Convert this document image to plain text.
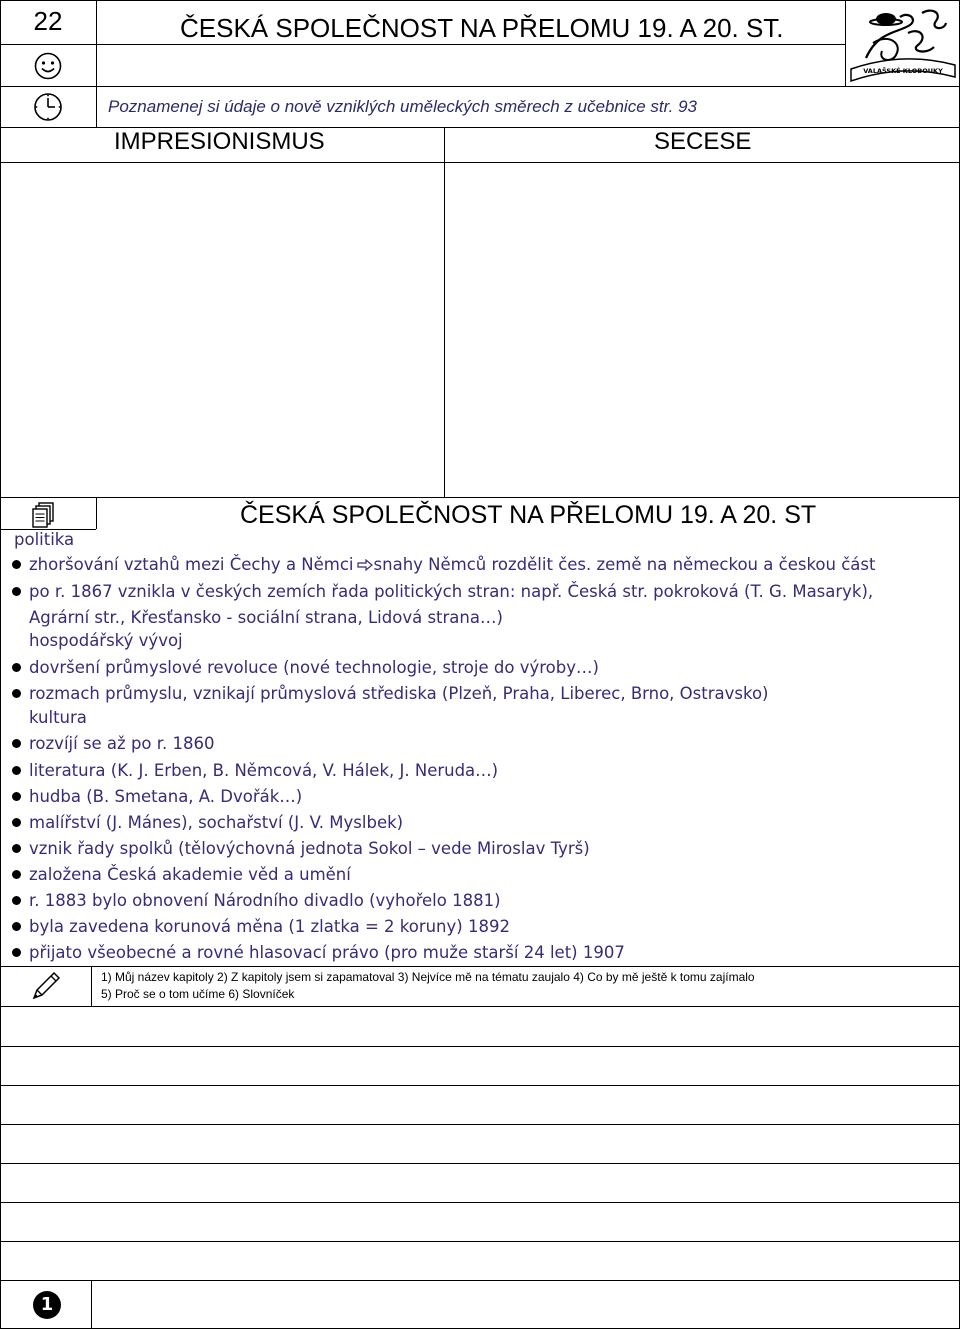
22	ČESKÁ SPOLEČNOST NA PŘELOMU 19. A 20. ST.
Poznamenej si údaje o nově vzniklých uměleckých směrech z učebnice str. 93
VALAŠSKÉ KLOBOUKY
IMPRESIONISMUS	SECESE
ČESKÁ SPOLEČNOST NA PŘELOMU 19. A 20. ST
politika
zhoršování vztahů mezi Čechy a Němci snahy Němců rozdělit čes. země na německou a českou část
po r. 1867 vznikla v českých zemích řada politických stran: např. Česká str. pokroková (T. G. Masaryk),
Agrární str., Křesťansko - sociální strana, Lidová strana…)
hospodářský vývoj
dovršení průmyslové revoluce (nové technologie, stroje do výroby…)
rozmach průmyslu, vznikají průmyslová střediska (Plzeň, Praha, Liberec, Brno, Ostravsko)
kultura
rozvíjí se až po r. 1860
literatura (K. J. Erben, B. Němcová, V. Hálek, J. Neruda…)
hudba (B. Smetana, A. Dvořák…)
malířství (J. Mánes), sochařství (J. V. Myslbek)
vznik řady spolků (tělovýchovná jednota Sokol – vede Miroslav Tyrš)
založena Česká akademie věd a umění
r. 1883 bylo obnovení Národního divadlo (vyhořelo 1881)
byla zavedena korunová měna (1 zlatka = 2 koruny) 1892
přijato všeobecné a rovné hlasovací právo (pro muže starší 24 let) 1907
1) Můj název kapitoly 2) Z kapitoly jsem si zapamatoval 3) Nejvíce mě na tématu zaujalo 4) Co by mě ještě k tomu zajímalo
5) Proč se o tom učíme 6) Slovníček
1
